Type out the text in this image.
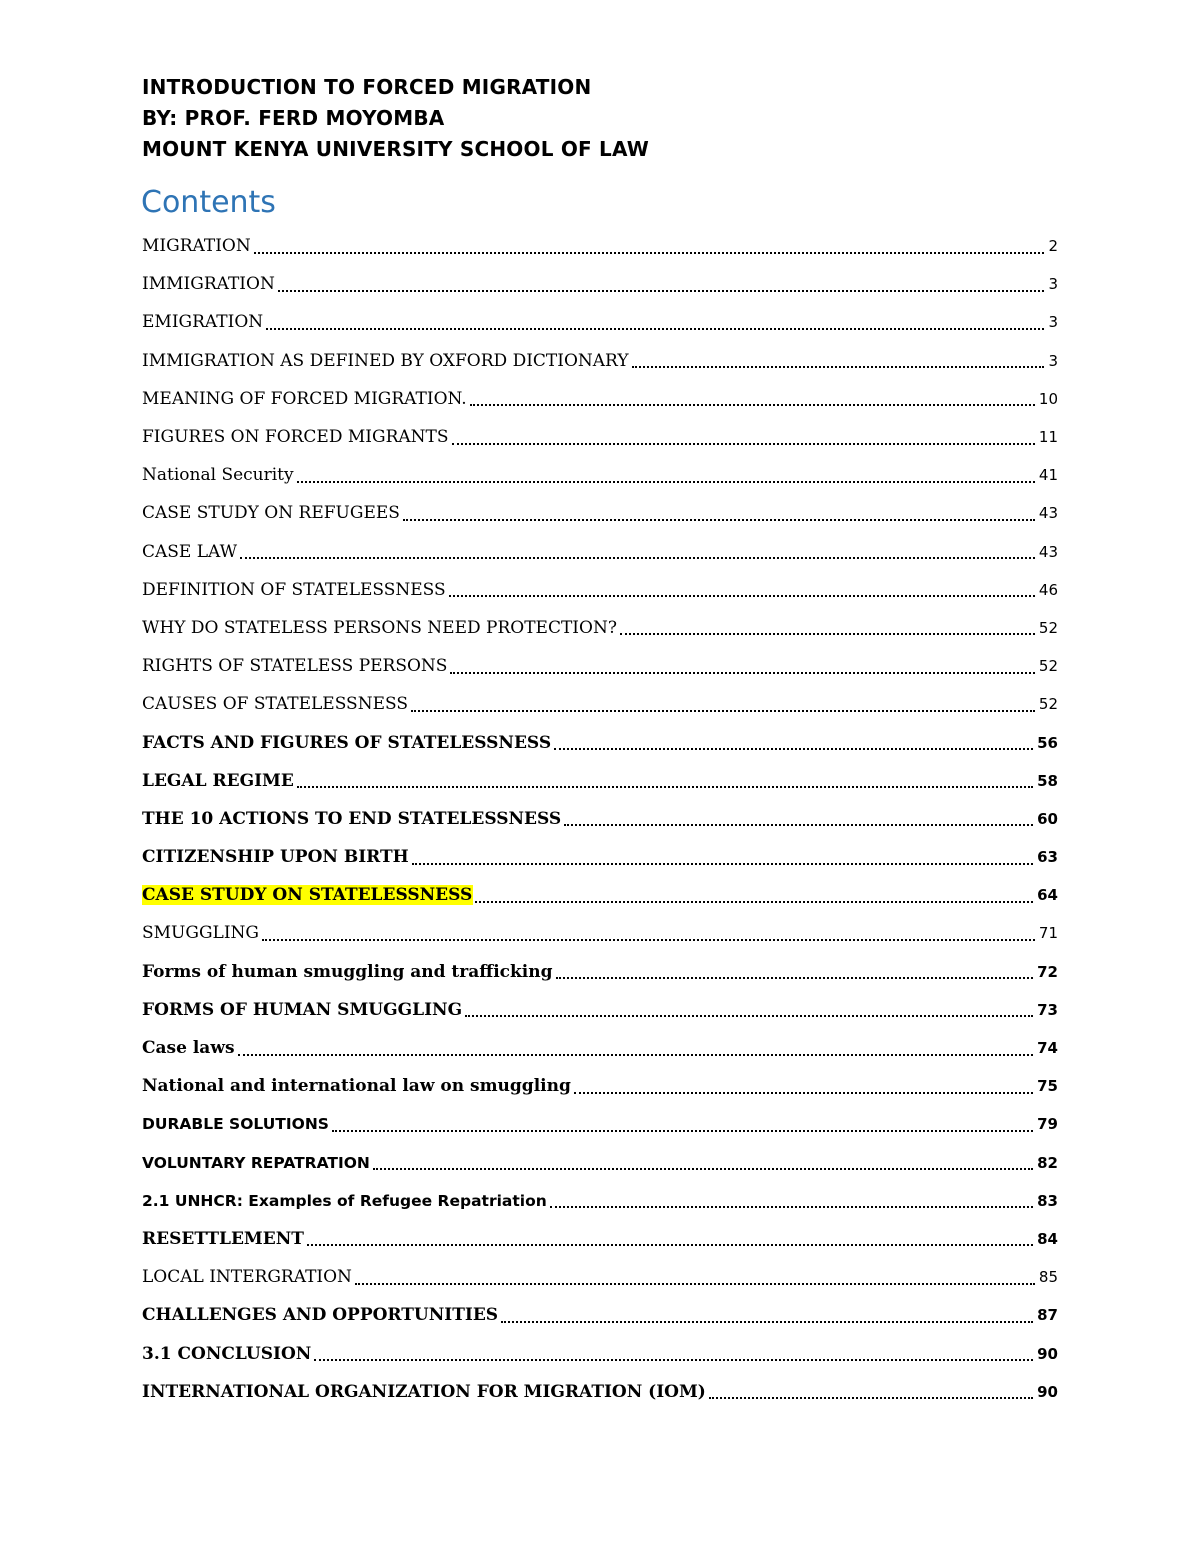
INTRODUCTION TO FORCED MIGRATION
BY: PROF. FERD MOYOMBA
MOUNT KENYA UNIVERSITY SCHOOL OF LAW
Contents
MIGRATION	2
IMMIGRATION	3
EMIGRATION	3
IMMIGRATION AS DEFINED BY OXFORD DICTIONARY	3
MEANING OF FORCED MIGRATION.	10
FIGURES ON FORCED MIGRANTS	11
National Security	41
CASE STUDY ON REFUGEES	43
CASE LAW	43
DEFINITION OF STATELESSNESS	46
WHY DO STATELESS PERSONS NEED PROTECTION?	52
RIGHTS OF STATELESS PERSONS	52
CAUSES OF STATELESSNESS	52
FACTS AND FIGURES OF STATELESSNESS	56
LEGAL REGIME	58
THE 10 ACTIONS TO END STATELESSNESS	60
CITIZENSHIP UPON BIRTH	63
CASE STUDY ON STATELESSNESS	64
SMUGGLING	71
Forms of human smuggling and trafficking	72
FORMS OF HUMAN SMUGGLING	73
Case laws	74
National and international law on smuggling	75
DURABLE SOLUTIONS	79
VOLUNTARY REPATRATION	82
2.1 UNHCR: Examples of Refugee Repatriation	83
RESETTLEMENT	84
LOCAL INTERGRATION	85
CHALLENGES AND OPPORTUNITIES	87
3.1 CONCLUSION	90
INTERNATIONAL ORGANIZATION FOR MIGRATION (IOM)	90
